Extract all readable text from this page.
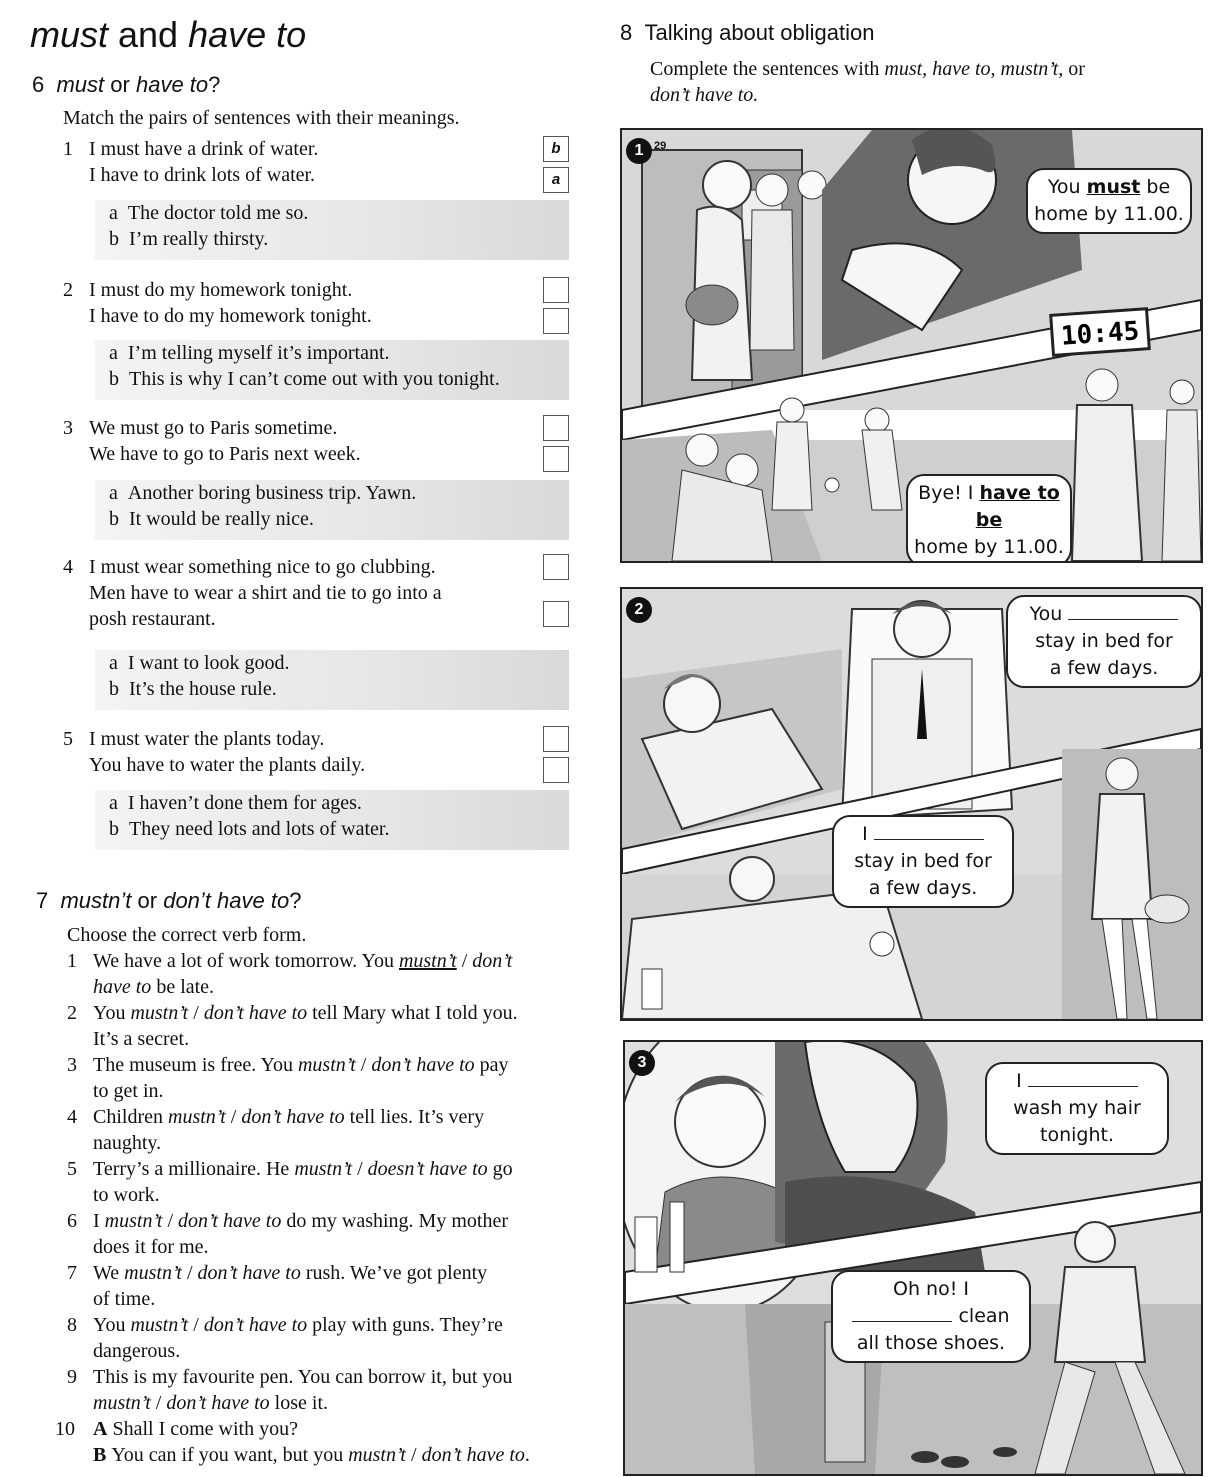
must and have to
6 must or have to?
Match the pairs of sentences with their meanings.
1 I must have a drink of water.
I have to drink lots of water.
b
a
a The doctor told me so.
b I’m really thirsty.
2 I must do my homework tonight.
I have to do my homework tonight.
a I’m telling myself it’s important.
b This is why I can’t come out with you tonight.
3 We must go to Paris sometime.
We have to go to Paris next week.
a Another boring business trip. Yawn.
b It would be really nice.
4 I must wear something nice to go clubbing.
Men have to wear a shirt and tie to go into a
posh restaurant.
a I want to look good.
b It’s the house rule.
5 I must water the plants today.
You have to water the plants daily.
a I haven’t done them for ages.
b They need lots and lots of water.
7 mustn’t or don’t have to?
Choose the correct verb form.
1 We have a lot of work tomorrow. You mustn’t / don’t
have to be late.
2 You mustn’t / don’t have to tell Mary what I told you.
It’s a secret.
3 The museum is free. You mustn’t / don’t have to pay
to get in.
4 Children mustn’t / don’t have to tell lies. It’s very
naughty.
5 Terry’s a millionaire. He mustn’t / doesn’t have to go
to work.
6 I mustn’t / don’t have to do my washing. My mother
does it for me.
7 We mustn’t / don’t have to rush. We’ve got plenty
of time.
8 You mustn’t / don’t have to play with guns. They’re
dangerous.
9 This is my favourite pen. You can borrow it, but you
mustn’t / don’t have to lose it.
10 A Shall I come with you?
B You can if you want, but you mustn’t / don’t have to.
8 Talking about obligation
Complete the sentences with must, have to, mustn’t, or
don’t have to.
10:45
1 29
You must be
home by 11.00.
Bye! I have to be
home by 11.00.
2	You
stay in bed for
a few days.
I
stay in bed for
a few days.
3
I
wash my hair
tonight.
Oh no! I
clean
all those shoes.
